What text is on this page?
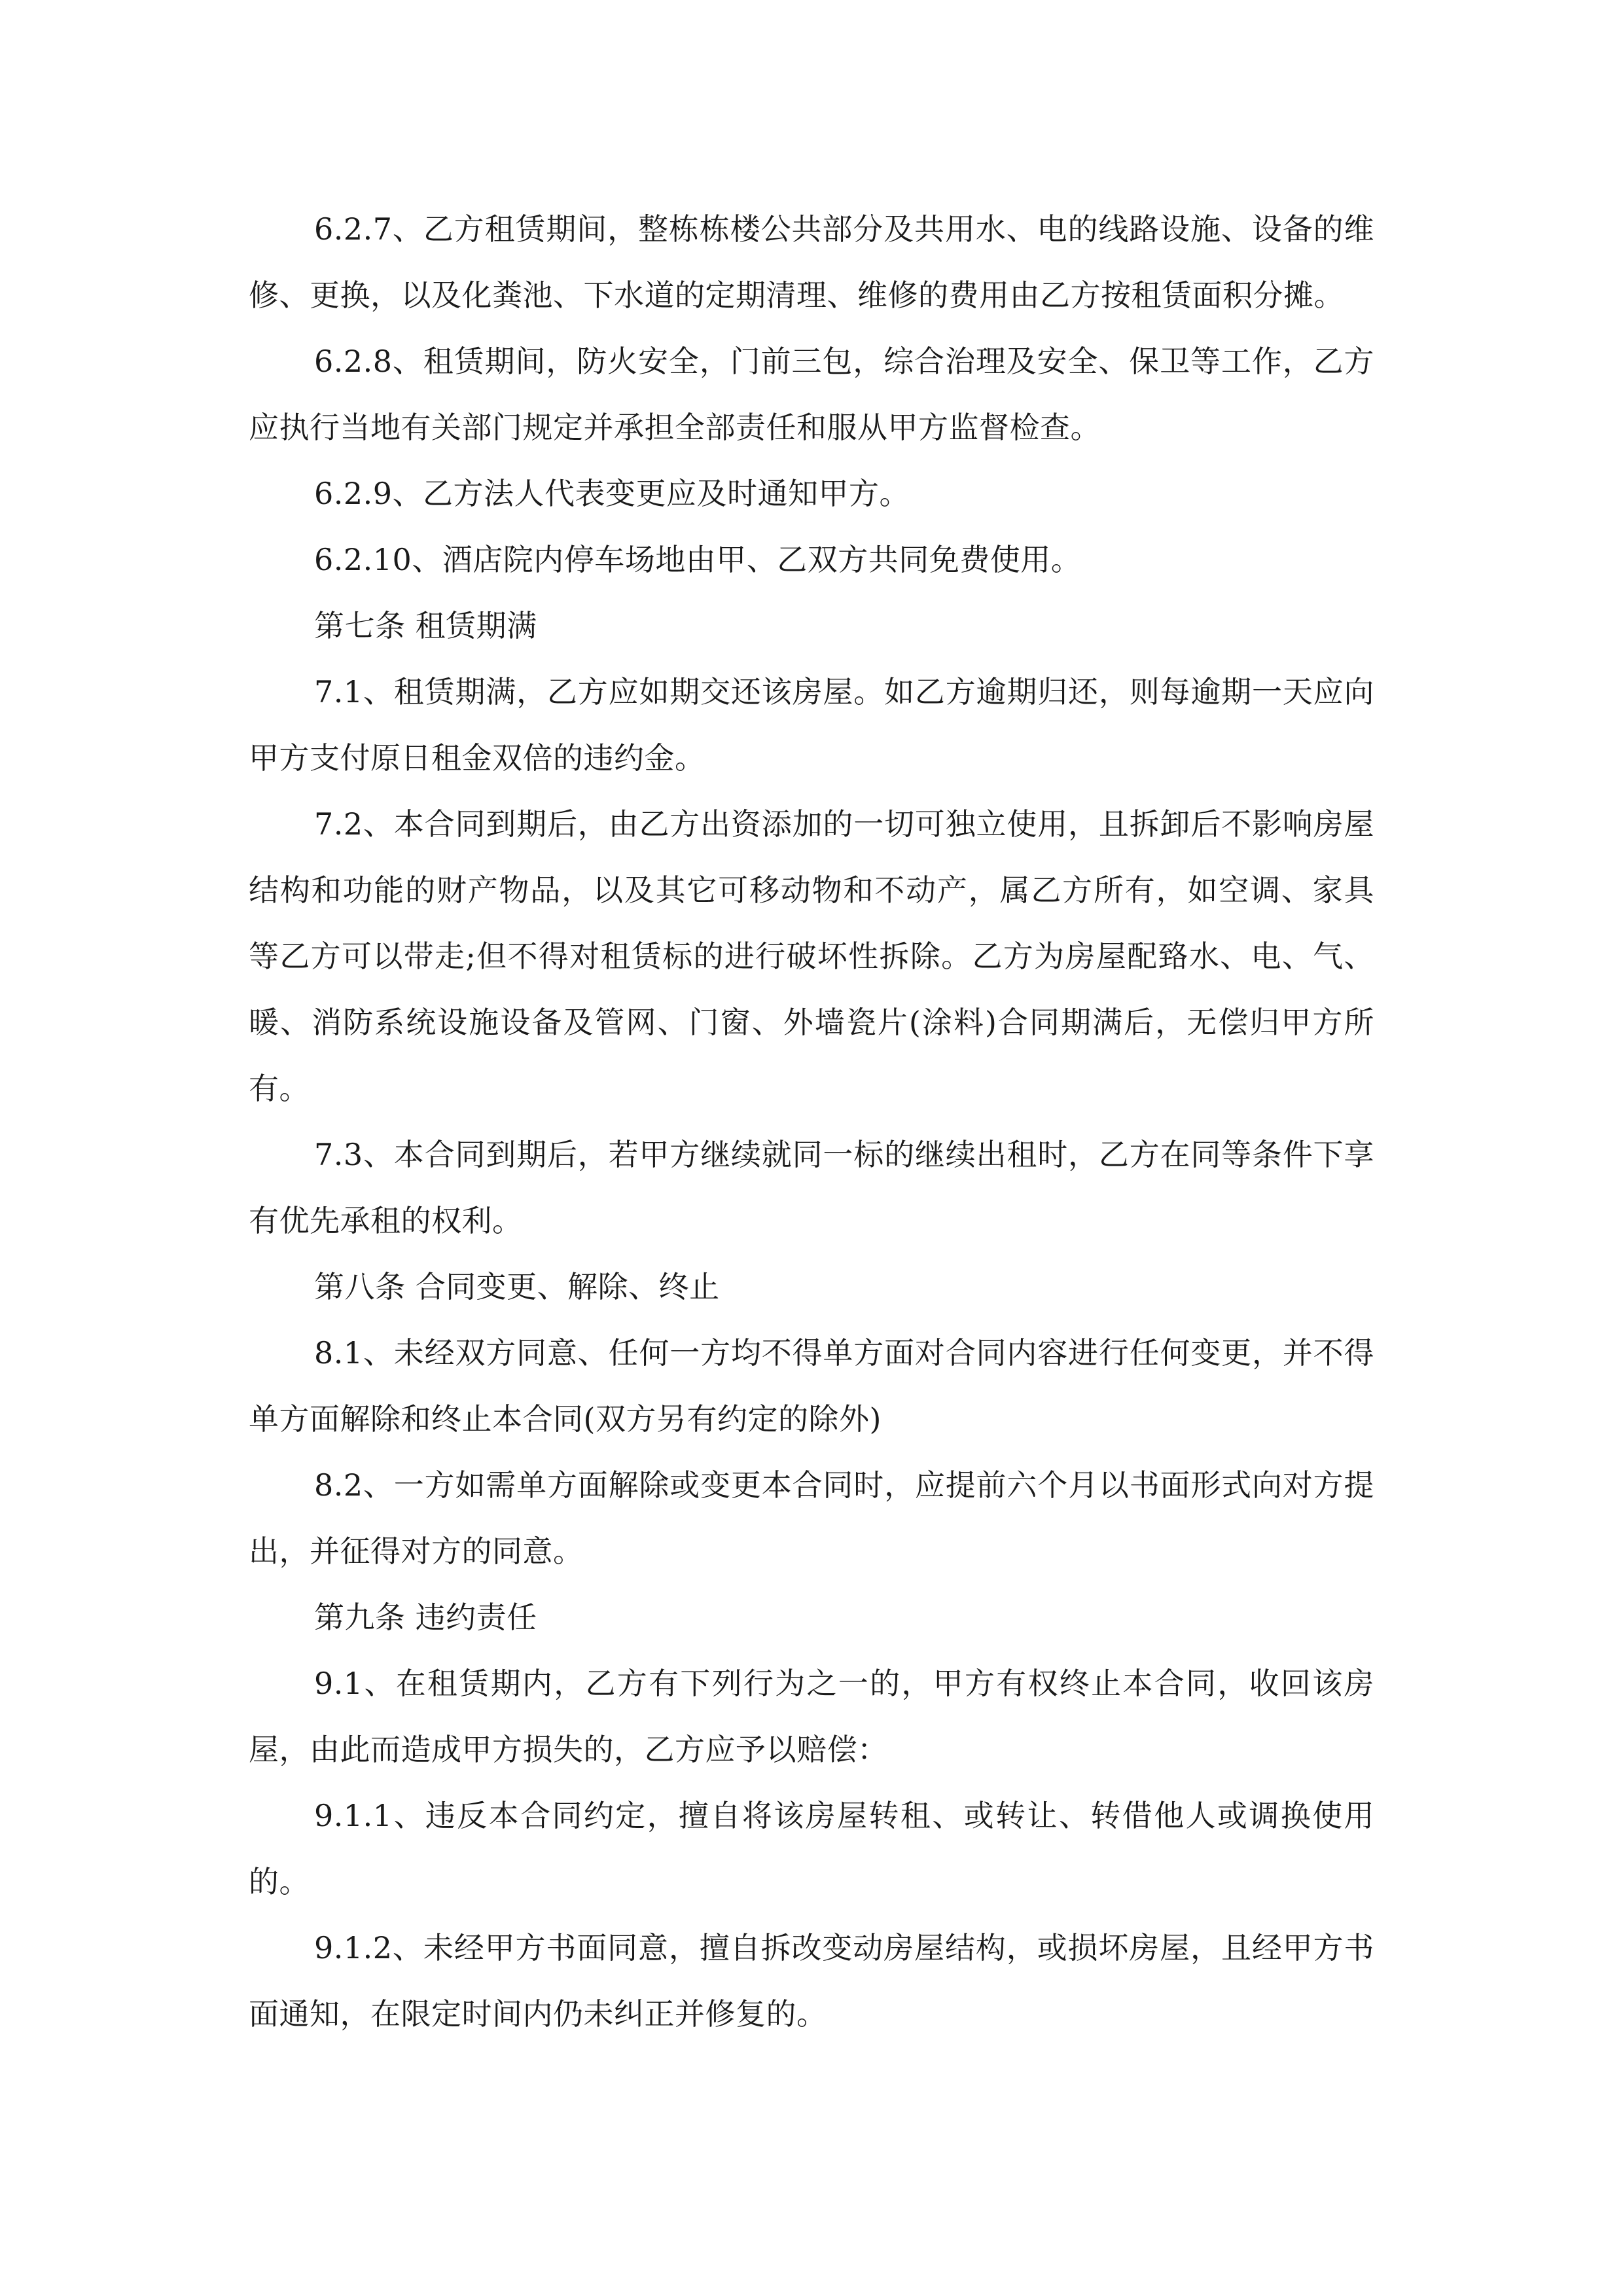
6.2.7、乙方租赁期间，整栋栋楼公共部分及共用水、电的线路设施、设备的维修、更换，以及化粪池、下水道的定期清理、维修的费用由乙方按租赁面积分摊。

6.2.8、租赁期间，防火安全，门前三包，综合治理及安全、保卫等工作，乙方应执行当地有关部门规定并承担全部责任和服从甲方监督检查。

6.2.9、乙方法人代表变更应及时通知甲方。

6.2.10、酒店院内停车场地由甲、乙双方共同免费使用。

第七条 租赁期满

7.1、租赁期满，乙方应如期交还该房屋。如乙方逾期归还，则每逾期一天应向甲方支付原日租金双倍的违约金。

7.2、本合同到期后，由乙方出资添加的一切可独立使用，且拆卸后不影响房屋结构和功能的财产物品，以及其它可移动物和不动产，属乙方所有，如空调、家具等乙方可以带走;但不得对租赁标的进行破坏性拆除。乙方为房屋配臵水、电、气、暖、消防系统设施设备及管网、门窗、外墙瓷片(涂料)合同期满后，无偿归甲方所有。

7.3、本合同到期后，若甲方继续就同一标的继续出租时，乙方在同等条件下享有优先承租的权利。

第八条 合同变更、解除、终止

8.1、未经双方同意、任何一方均不得单方面对合同内容进行任何变更，并不得单方面解除和终止本合同(双方另有约定的除外)

8.2、一方如需单方面解除或变更本合同时，应提前六个月以书面形式向对方提出，并征得对方的同意。

第九条 违约责任

9.1、在租赁期内，乙方有下列行为之一的，甲方有权终止本合同，收回该房屋，由此而造成甲方损失的，乙方应予以赔偿：

9.1.1、违反本合同约定，擅自将该房屋转租、或转让、转借他人或调换使用的。

9.1.2、未经甲方书面同意，擅自拆改变动房屋结构，或损坏房屋，且经甲方书面通知，在限定时间内仍未纠正并修复的。
